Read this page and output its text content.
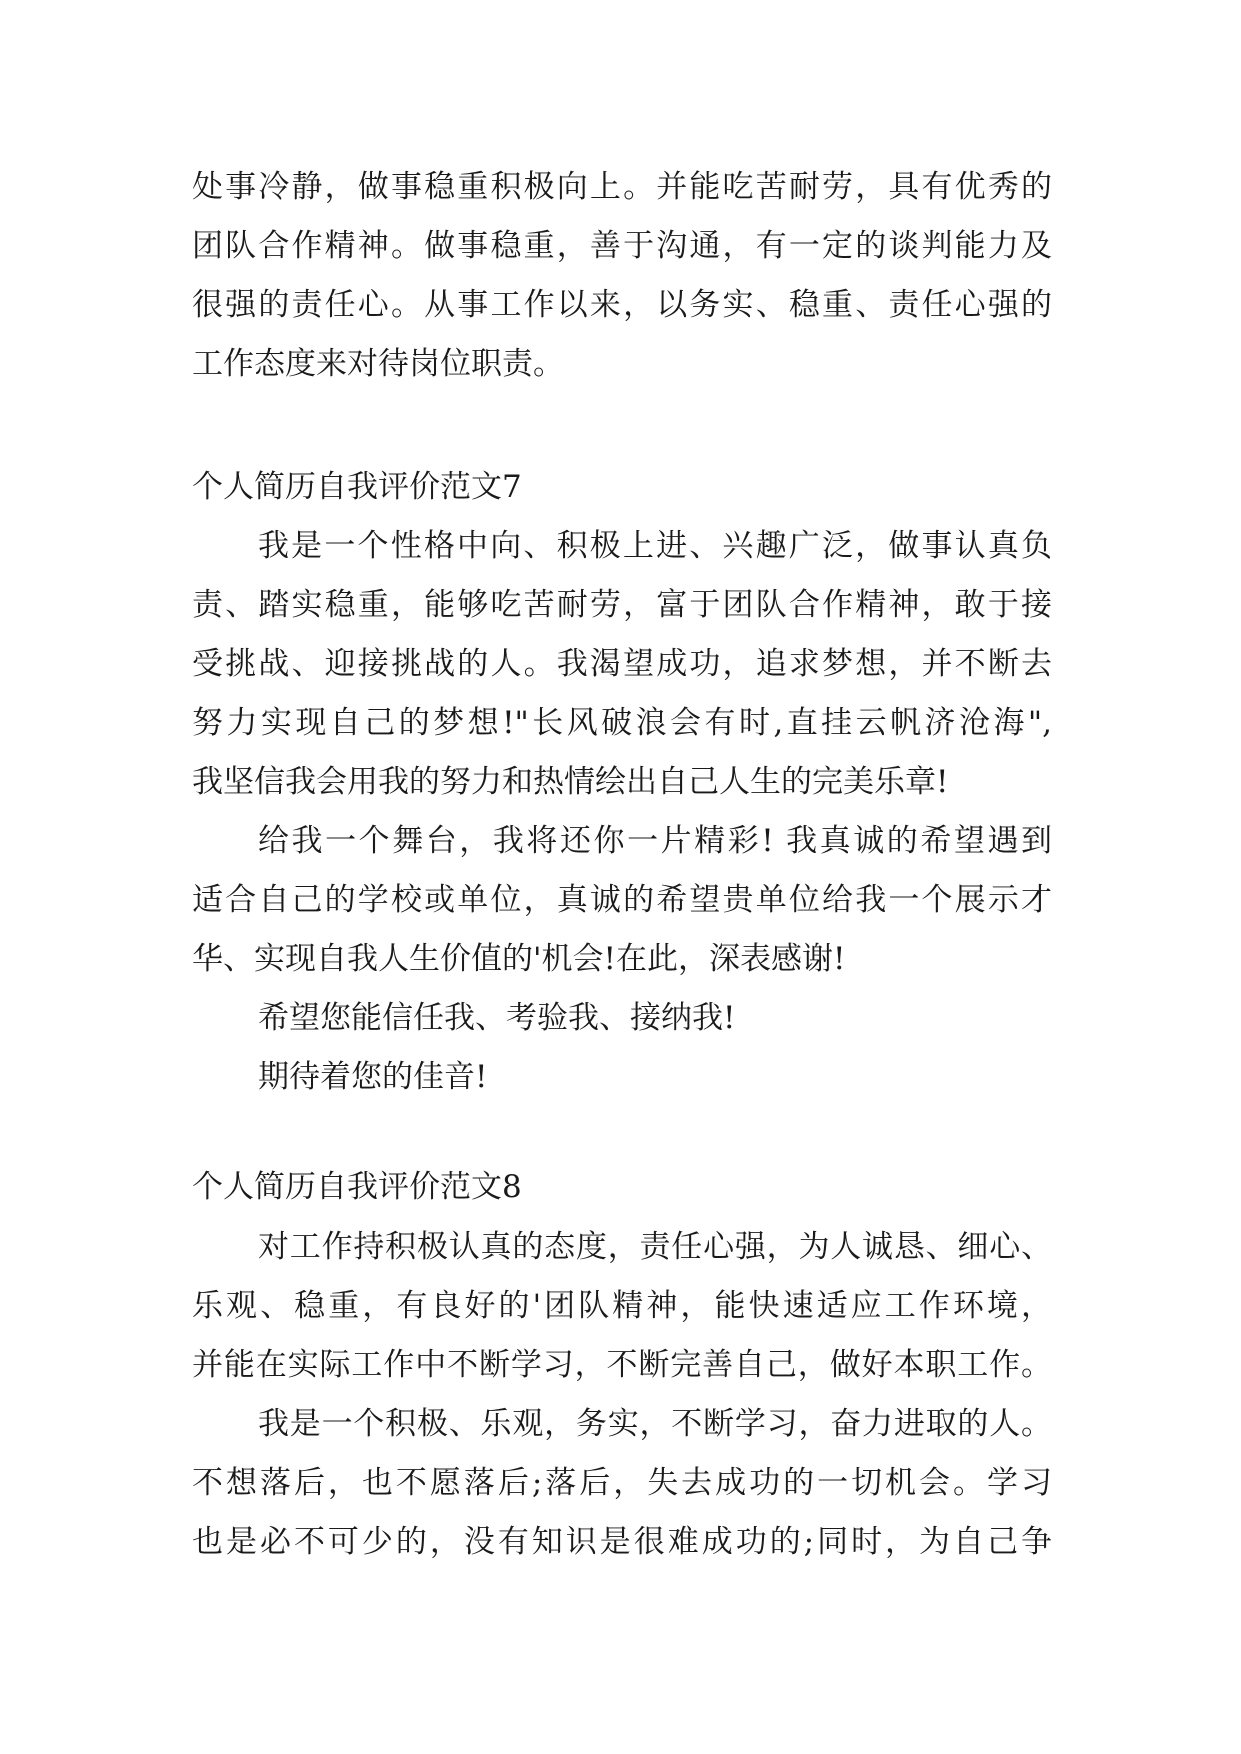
处事冷静，做事稳重积极向上。并能吃苦耐劳，具有优秀的
团队合作精神。做事稳重，善于沟通，有一定的谈判能力及
很强的责任心。从事工作以来，以务实、稳重、责任心强的
工作态度来对待岗位职责。
个人简历自我评价范文7
我是一个性格中向、积极上进、兴趣广泛，做事认真负
责、踏实稳重，能够吃苦耐劳，富于团队合作精神，敢于接
受挑战、迎接挑战的人。我渴望成功，追求梦想，并不断去
努力实现自己的梦想!"长风破浪会有时,直挂云帆济沧海",
我坚信我会用我的努力和热情绘出自己人生的完美乐章!
给我一个舞台，我将还你一片精彩! 我真诚的希望遇到
适合自己的学校或单位，真诚的希望贵单位给我一个展示才
华、实现自我人生价值的'机会!在此，深表感谢!
希望您能信任我、考验我、接纳我!
期待着您的佳音!
个人简历自我评价范文8
对工作持积极认真的态度，责任心强，为人诚恳、细心、
乐观、稳重，有良好的'团队精神，能快速适应工作环境，
并能在实际工作中不断学习，不断完善自己，做好本职工作。
我是一个积极、乐观，务实，不断学习，奋力进取的人。
不想落后，也不愿落后;落后，失去成功的一切机会。学习
也是必不可少的，没有知识是很难成功的;同时，为自己争
